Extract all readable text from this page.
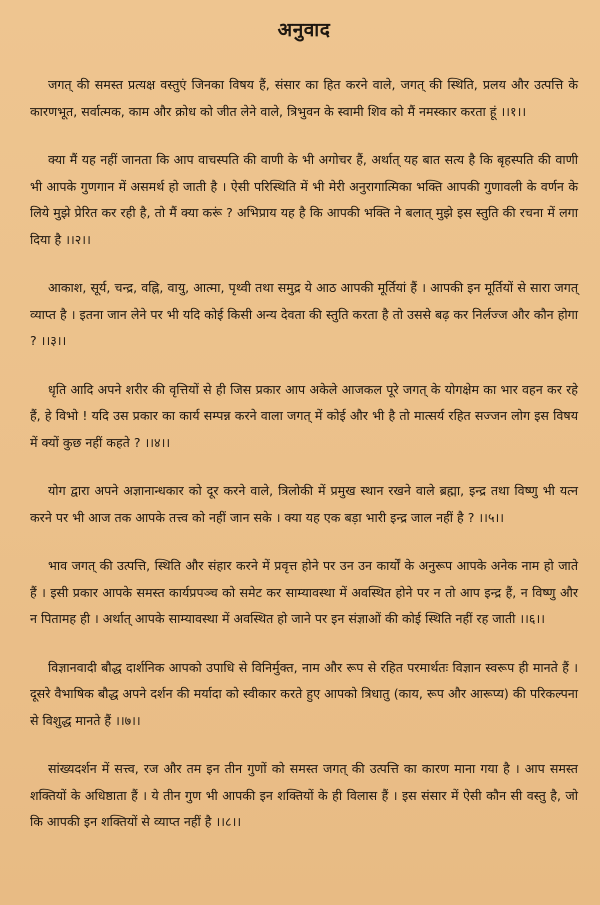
अनुवाद

जगत् की समस्त प्रत्यक्ष वस्तुएं जिनका विषय हैं, संसार का हित करने वाले, जगत् की स्थिति, प्रलय और उत्पत्ति के कारणभूत, सर्वात्मक, काम और क्रोध को जीत लेने वाले, त्रिभुवन के स्वामी शिव को मैं नमस्कार करता हूं ।।१।।

क्या मैं यह नहीं जानता कि आप वाचस्पति की वाणी के भी अगोचर हैं, अर्थात् यह बात सत्य है कि बृहस्पति की वाणी भी आपके गुणगान में असमर्थ हो जाती है । ऐसी परिस्थिति में भी मेरी अनुरागात्मिका भक्ति आपकी गुणावली के वर्णन के लिये मुझे प्रेरित कर रही है, तो मैं क्या करूं ? अभिप्राय यह है कि आपकी भक्ति ने बलात् मुझे इस स्तुति की रचना में लगा दिया है ।।२।।

आकाश, सूर्य, चन्द्र, वह्नि, वायु, आत्मा, पृथ्वी तथा समुद्र ये आठ आपकी मूर्तियां हैं । आपकी इन मूर्तियों से सारा जगत् व्याप्त है । इतना जान लेने पर भी यदि कोई किसी अन्य देवता की स्तुति करता है तो उससे बढ़ कर निर्लज्ज और कौन होगा ? ।।३।।

धृति आदि अपने शरीर की वृत्तियों से ही जिस प्रकार आप अकेले आजकल पूरे जगत् के योगक्षेम का भार वहन कर रहे हैं, हे विभो ! यदि उस प्रकार का कार्य सम्पन्न करने वाला जगत् में कोई और भी है तो मात्सर्य रहित सज्जन लोग इस विषय में क्यों कुछ नहीं कहते ? ।।४।।

योग द्वारा अपने अज्ञानान्धकार को दूर करने वाले, त्रिलोकी में प्रमुख स्थान रखने वाले ब्रह्मा, इन्द्र तथा विष्णु भी यत्न करने पर भी आज तक आपके तत्त्व को नहीं जान सके । क्या यह एक बड़ा भारी इन्द्र जाल नहीं है ? ।।५।।

भाव जगत् की उत्पत्ति, स्थिति और संहार करने में प्रवृत्त होने पर उन उन कार्यों के अनुरूप आपके अनेक नाम हो जाते हैं । इसी प्रकार आपके समस्त कार्यप्रपञ्च को समेट कर साम्यावस्था में अवस्थित होने पर न तो आप इन्द्र हैं, न विष्णु और न पितामह ही । अर्थात् आपके साम्यावस्था में अवस्थित हो जाने पर इन संज्ञाओं की कोई स्थिति नहीं रह जाती ।।६।।

विज्ञानवादी बौद्ध दार्शनिक आपको उपाधि से विनिर्मुक्त, नाम और रूप से रहित परमार्थतः विज्ञान स्वरूप ही मानते हैं । दूसरे वैभाषिक बौद्ध अपने दर्शन की मर्यादा को स्वीकार करते हुए आपको त्रिधातु (काय, रूप और आरूप्य) की परिकल्पना से विशुद्ध मानते हैं ।।७।।

सांख्यदर्शन में सत्त्व, रज और तम इन तीन गुणों को समस्त जगत् की उत्पत्ति का कारण माना गया है । आप समस्त शक्तियों के अधिष्ठाता हैं । ये तीन गुण भी आपकी इन शक्तियों के ही विलास हैं । इस संसार में ऐसी कौन सी वस्तु है, जो कि आपकी इन शक्तियों से व्याप्त नहीं है ।।८।।
